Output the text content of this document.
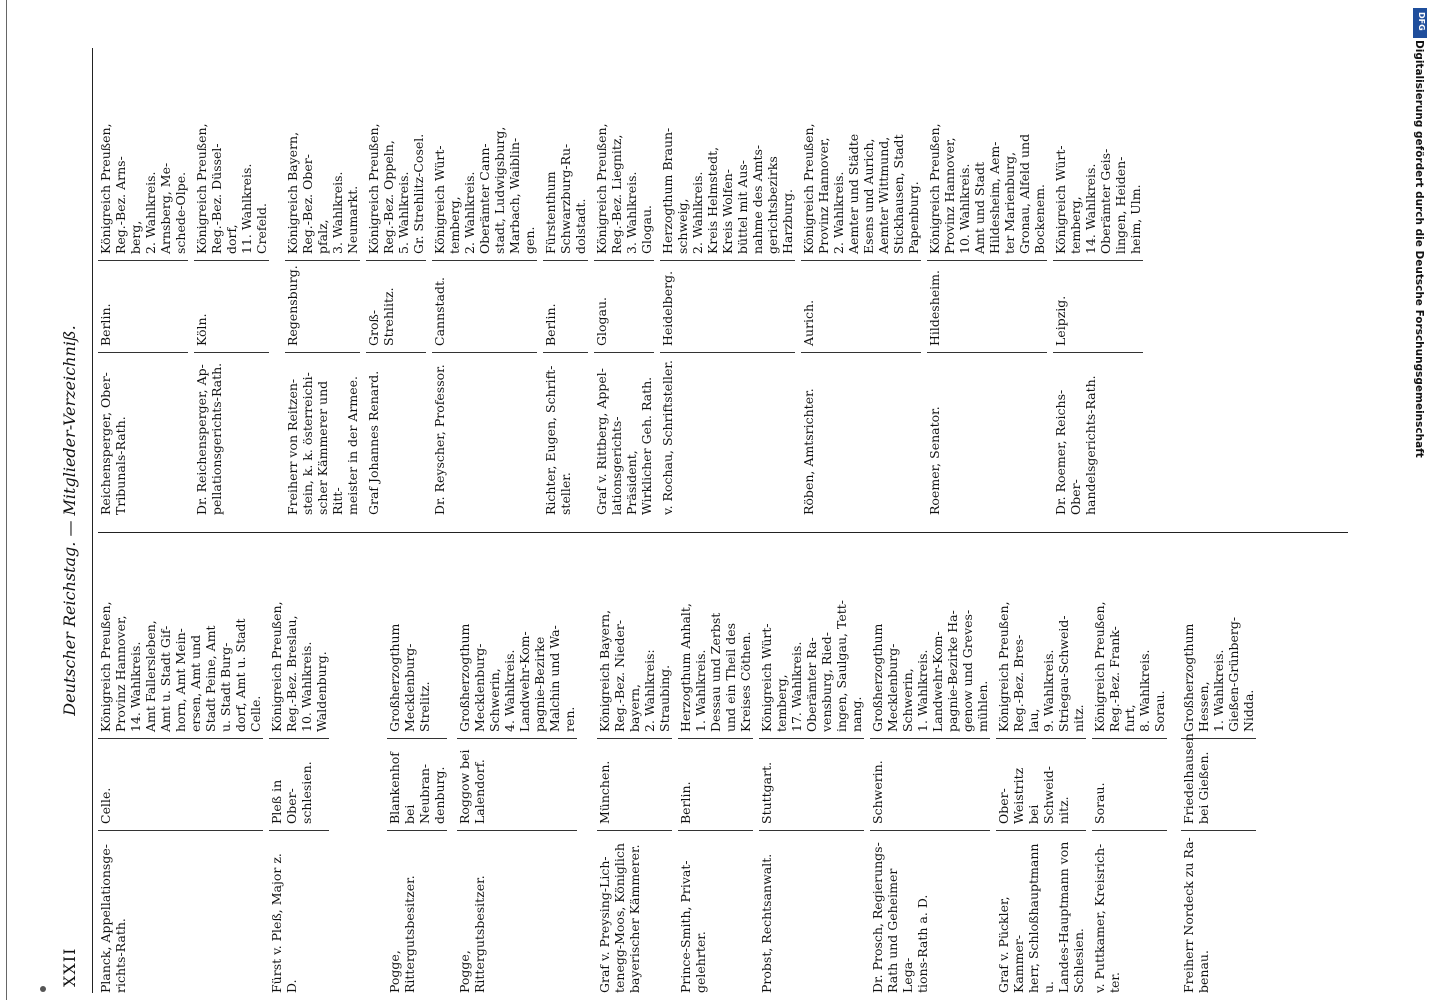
XXII
Deutscher Reichstag. — Mitglieder-Verzeichniß.
Planck, Appellationsge-
richts-Rath.
Celle.
Königreich Preußen,
Provinz Hannover,
14. Wahlkreis.
Amt Fallersleben,
Amt u. Stadt Gif-
horn, Amt Mein-
ersen, Amt und
Stadt Peine, Amt
u. Stadt Burg-
dorf, Amt u. Stadt
Celle.
Fürst v. Pleß, Major z. D.
Pleß in Ober-
schlesien.
Königreich Preußen,
Reg.-Bez. Breslau,
10. Wahlkreis.
Waldenburg.
Pogge, Rittergutsbesitzer.
Blankenhof
bei Neubran-
denburg.
Großherzogthum
Mecklenburg-
Strelitz.
Pogge, Rittergutsbesitzer.
Roggow bei
Lalendorf.
Großherzogthum
Mecklenburg-
Schwerin,
4. Wahlkreis.
Landwehr-Kom-
pagnie-Bezirke
Malchin und Wa-
ren.
Graf v. Preysing-Lich-
tenegg-Moos, Königlich
bayerischer Kämmerer.
München.
Königreich Bayern,
Reg.-Bez. Nieder-
bayern,
2. Wahlkreis:
Straubing.
Prince-Smith, Privat-
gelehrter.
Berlin.
Herzogthum Anhalt,
1. Wahlkreis.
Dessau und Zerbst
und ein Theil des
Kreises Cöthen.
Probst, Rechtsanwalt.
Stuttgart.
Königreich Würt-
temberg,
17. Wahlkreis.
Oberämter Ra-
vensburg, Ried-
ingen, Saulgau, Tett-
nang.
Dr. Prosch, Regierungs-
Rath und Geheimer Lega-
tions-Rath a. D.
Schwerin.
Großherzogthum
Mecklenburg-
Schwerin,
1. Wahlkreis.
Landwehr-Kom-
pagnie-Bezirke Ha-
genow und Greves-
mühlen.
Graf v. Pückler, Kammer-
herr, Schloßhauptmann u.
Landes-Hauptmann von
Schlesien.
Ober-Weistritz
bei Schweid-
nitz.
Königreich Preußen,
Reg.-Bez. Bres-
lau,
9. Wahlkreis.
Striegau-Schweid-
nitz.
v. Puttkamer, Kreisrich-
ter.
Sorau.
Königreich Preußen,
Reg.-Bez. Frank-
furt,
8. Wahlkreis.
Sorau.
Freiherr Nordeck zu Ra-
benau.
Friedelhausen
bei Gießen.
Großherzogthum
Hessen,
1. Wahlkreis.
Gießen-Grünberg-
Nidda.
Reichensperger, Ober-
Tribunals-Rath.
Berlin.
Königreich Preußen,
Reg.-Bez. Arns-
berg,
2. Wahlkreis.
Arnsberg, Me-
schede-Olpe.
Dr. Reichensperger, Ap-
pellationsgerichts-Rath.
Köln.
Königreich Preußen,
Reg.-Bez. Düssel-
dorf,
11. Wahlkreis.
Crefeld.
Freiherr von Reitzen-
stein, k. k. österreichi-
scher Kämmerer und Ritt-
meister in der Armee.
Regensburg.
Königreich Bayern,
Reg.-Bez. Ober-
pfalz,
3. Wahlkreis.
Neumarkt.
Graf Johannes Renard.
Groß-Strehlitz.
Königreich Preußen,
Reg.-Bez. Oppeln,
5. Wahlkreis.
Gr. Strehlitz-Cosel.
Dr. Reyscher, Professor.
Cannstadt.
Königreich Würt-
temberg,
2. Wahlkreis.
Oberämter Cann-
stadt, Ludwigsburg,
Marbach, Waiblin-
gen.
Richter, Eugen, Schrift-
steller.
Berlin.
Fürstenthum
Schwarzburg-Ru-
dolstadt.
Graf v. Rittberg, Appel-
lationsgerichts-Präsident,
Wirklicher Geh. Rath.
Glogau.
Königreich Preußen,
Reg.-Bez. Liegnitz,
3. Wahlkreis.
Glogau.
v. Rochau, Schriftsteller.
Heidelberg.
Herzogthum Braun-
schweig,
2. Wahlkreis.
Kreis Helmstedt,
Kreis Wolfen-
büttel mit Aus-
nahme des Amts-
gerichtsbezirks
Harzburg.
Röben, Amtsrichter.
Aurich.
Königreich Preußen,
Provinz Hannover,
2. Wahlkreis.
Aemter und Städte
Esens und Aurich,
Aemter Wittmund,
Stickhausen, Stadt
Papenburg.
Roemer, Senator.
Hildesheim.
Königreich Preußen,
Provinz Hannover,
10. Wahlkreis.
Amt und Stadt
Hildesheim, Aem-
ter Marienburg,
Gronau, Alfeld und
Bockenem.
Dr. Roemer, Reichs-Ober-
handelsgerichts-Rath.
Leipzig.
Königreich Würt-
temberg,
14. Wahlkreis.
Oberämter Geis-
lingen, Heiden-
heim, Ulm.
DFG
Digitalisierung gefördert durch die Deutsche Forschungsgemeinschaft
